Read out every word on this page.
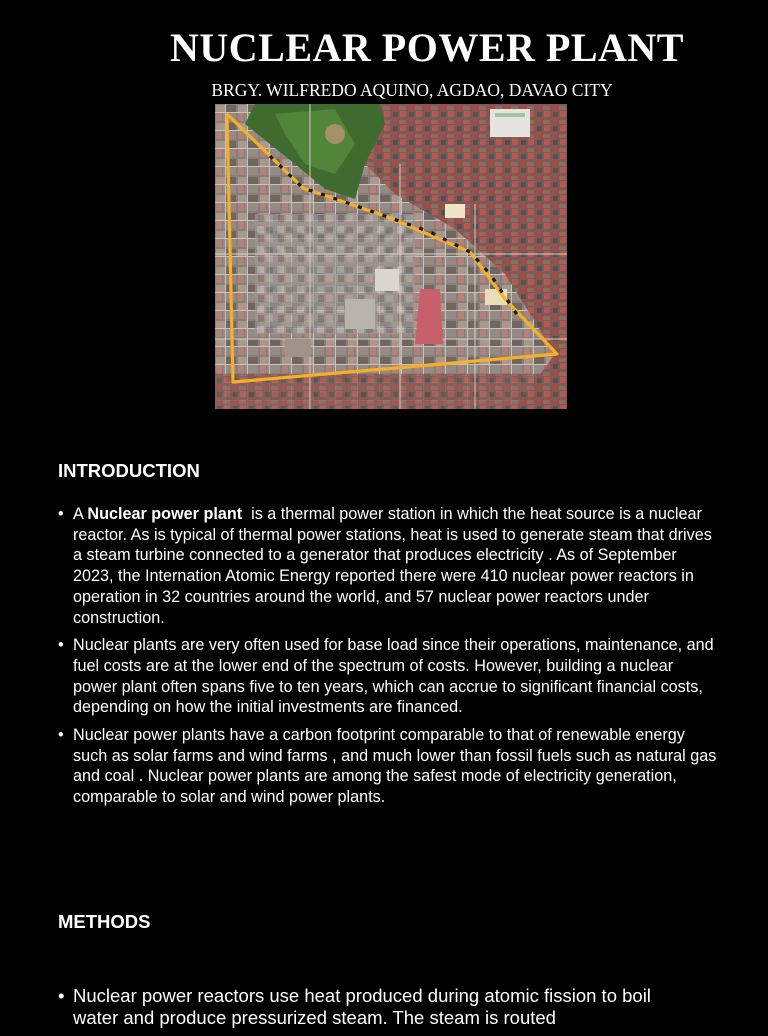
NUCLEAR POWER PLANT
BRGY. WILFREDO AQUINO, AGDAO, DAVAO CITY
INTRODUCTION
• A Nuclear power plant  is a thermal power station in which the heat source is a nuclear reactor. As is typical of thermal power stations, heat is used to generate steam that drives a steam turbine connected to a generator that produces electricity . As of September 2023, the Internation Atomic Energy reported there were 410 nuclear power reactors in operation in 32 countries around the world, and 57 nuclear power reactors under construction.
• Nuclear plants are very often used for base load since their operations, maintenance, and fuel costs are at the lower end of the spectrum of costs. However, building a nuclear power plant often spans five to ten years, which can accrue to significant financial costs, depending on how the initial investments are financed.
• Nuclear power plants have a carbon footprint comparable to that of renewable energy such as solar farms and wind farms , and much lower than fossil fuels such as natural gas and coal . Nuclear power plants are among the safest mode of electricity generation, comparable to solar and wind power plants.
METHODS
• Nuclear power reactors use heat produced during atomic fission to boil water and produce pressurized steam. The steam is routed
